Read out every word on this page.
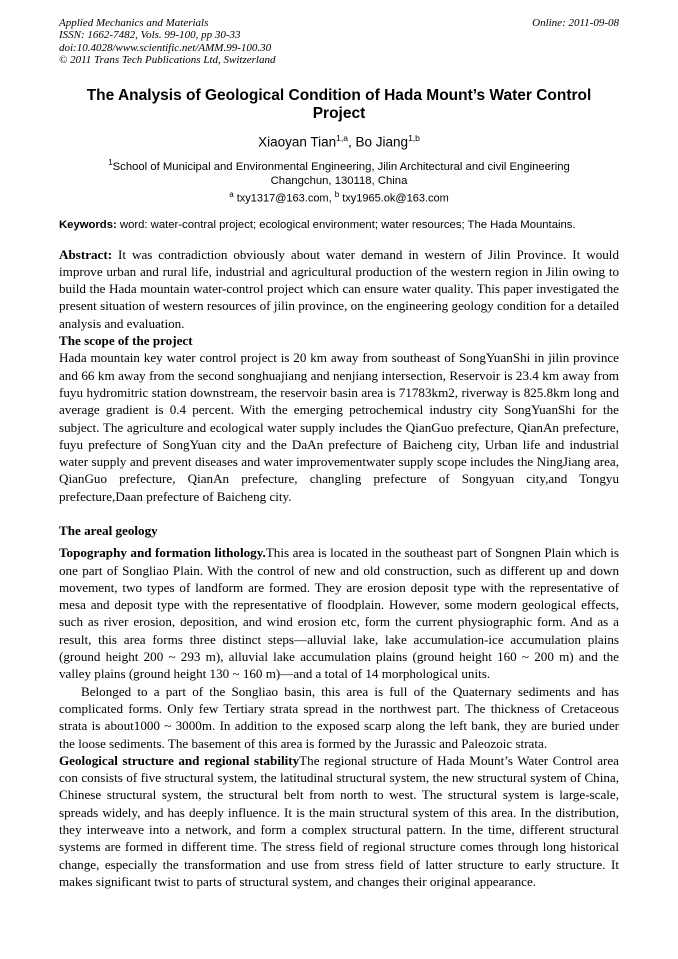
Applied Mechanics and Materials
ISSN: 1662-7482, Vols. 99-100, pp 30-33
doi:10.4028/www.scientific.net/AMM.99-100.30
© 2011 Trans Tech Publications Ltd, Switzerland
Online: 2011-09-08
The Analysis of Geological Condition of Hada Mount’s Water Control Project
Xiaoyan Tian$^{1,a}$, Bo Jiang$^{1,b}$
$^1$School of Municipal and Environmental Engineering, Jilin Architectural and civil Engineering
Changchun, 130118, China
$^a$ txy1317@163.com, $^b$ txy1965.ok@163.com
Keywords: word: water-contral project; ecological environment; water resources; The Hada Mountains.

Abstract: It was contradiction obviously about water demand in western of Jilin Province. It would improve urban and rural life, industrial and agricultural production of the western region in Jilin owing to build the Hada mountain water-control project which can ensure water quality. This paper investigated the present situation of western resources of jilin province, on the engineering geology condition for a detailed analysis and evaluation.

The scope of the project

Hada mountain key water control project is 20 km away from southeast of SongYuanShi in jilin province and 66 km away from the second songhuajiang and nenjiang intersection, Reservoir is 23.4 km away from fuyu hydromitric station downstream, the reservoir basin area is 71783km2, riverway is 825.8km long and average gradient is 0.4 percent. With the emerging petrochemical industry city SongYuanShi for the subject. The agriculture and ecological water supply includes the QianGuo prefecture, QianAn prefecture, fuyu prefecture of SongYuan city and the DaAn prefecture of Baicheng city, Urban life and industrial water supply and prevent diseases and water improvementwater supply scope includes the NingJiang area, QianGuo prefecture, QianAn prefecture, changling prefecture of Songyuan city,and Tongyu prefecture,Daan prefecture of Baicheng city.

The areal geology

Topography and formation lithology.This area is located in the southeast part of Songnen Plain which is one part of Songliao Plain. With the control of new and old construction, such as different up and down movement, two types of landform are formed. They are erosion deposit type with the representative of mesa and deposit type with the representative of floodplain. However, some modern geological effects, such as river erosion, deposition, and wind erosion etc, form the current physiographic form. And as a result, this area forms three distinct steps—alluvial lake, lake accumulation-ice accumulation plains (ground height 200 ~ 293 m), alluvial lake accumulation plains (ground height 160 ~ 200 m) and the valley plains (ground height 130 ~ 160 m)—and a total of 14 morphological units.

Belonged to a part of the Songliao basin, this area is full of the Quaternary sediments and has complicated forms. Only few Tertiary strata spread in the northwest part. The thickness of Cretaceous strata is about1000 ~ 3000m. In addition to the exposed scarp along the left bank, they are buried under the loose sediments. The basement of this area is formed by the Jurassic and Paleozoic strata.

Geological structure and regional stabilityThe regional structure of Hada Mount’s Water Control area con consists of five structural system, the latitudinal structural system, the new structural system of China, Chinese structural system, the structural belt from north to west. The structural system is large-scale, spreads widely, and has deeply influence. It is the main structural system of this area. In the distribution, they interweave into a network, and form a complex structural pattern. In the time, different structural systems are formed in different time. The stress field of regional structure comes through long historical change, especially the transformation and use from stress field of latter structure to early structure. It makes significant twist to parts of structural system, and changes their original appearance.
